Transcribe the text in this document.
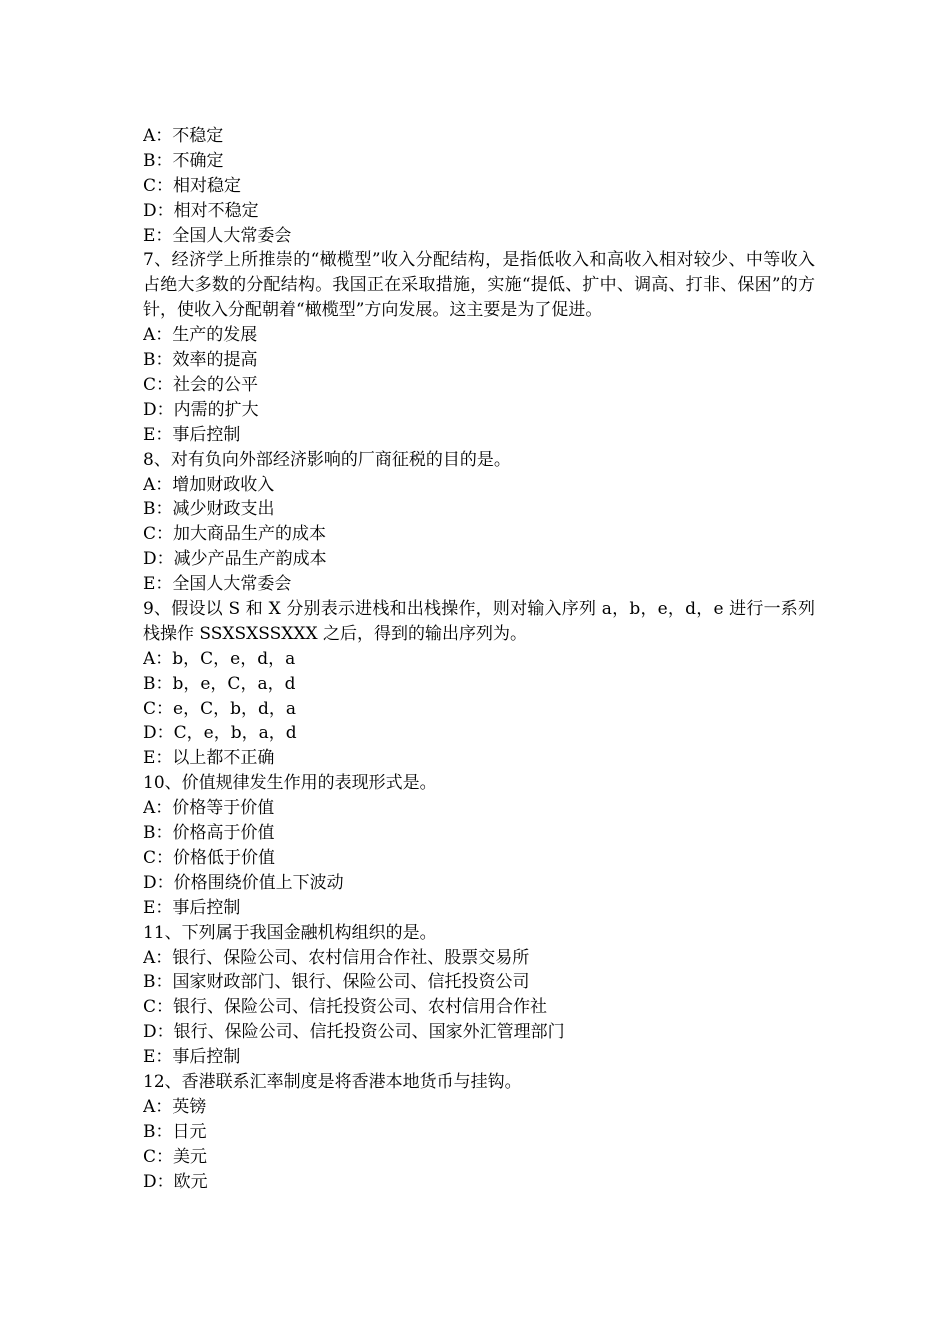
A：不稳定
B：不确定
C：相对稳定
D：相对不稳定
E：全国人大常委会
7、经济学上所推崇的“橄榄型”收入分配结构，是指低收入和高收入相对较少、中等收入占绝大多数的分配结构。我国正在采取措施，实施“提低、扩中、调高、打非、保困”的方针，使收入分配朝着“橄榄型”方向发展。这主要是为了促进。
A：生产的发展
B：效率的提高
C：社会的公平
D：内需的扩大
E：事后控制
8、对有负向外部经济影响的厂商征税的目的是。
A：增加财政收入
B：减少财政支出
C：加大商品生产的成本
D：减少产品生产韵成本
E：全国人大常委会
9、假设以 S 和 X 分别表示进栈和出栈操作，则对输入序列 a，b，e，d，e 进行一系列栈操作 SSXSXSSXXX 之后，得到的输出序列为。
A：b，C，e，d，a
B：b，e，C，a，d
C：e，C，b，d，a
D：C，e，b，a，d
E：以上都不正确
10、价值规律发生作用的表现形式是。
A：价格等于价值
B：价格高于价值
C：价格低于价值
D：价格围绕价值上下波动
E：事后控制
11、下列属于我国金融机构组织的是。
A：银行、保险公司、农村信用合作社、股票交易所
B：国家财政部门、银行、保险公司、信托投资公司
C：银行、保险公司、信托投资公司、农村信用合作社
D：银行、保险公司、信托投资公司、国家外汇管理部门
E：事后控制
12、香港联系汇率制度是将香港本地货币与挂钩。
A：英镑
B：日元
C：美元
D：欧元
